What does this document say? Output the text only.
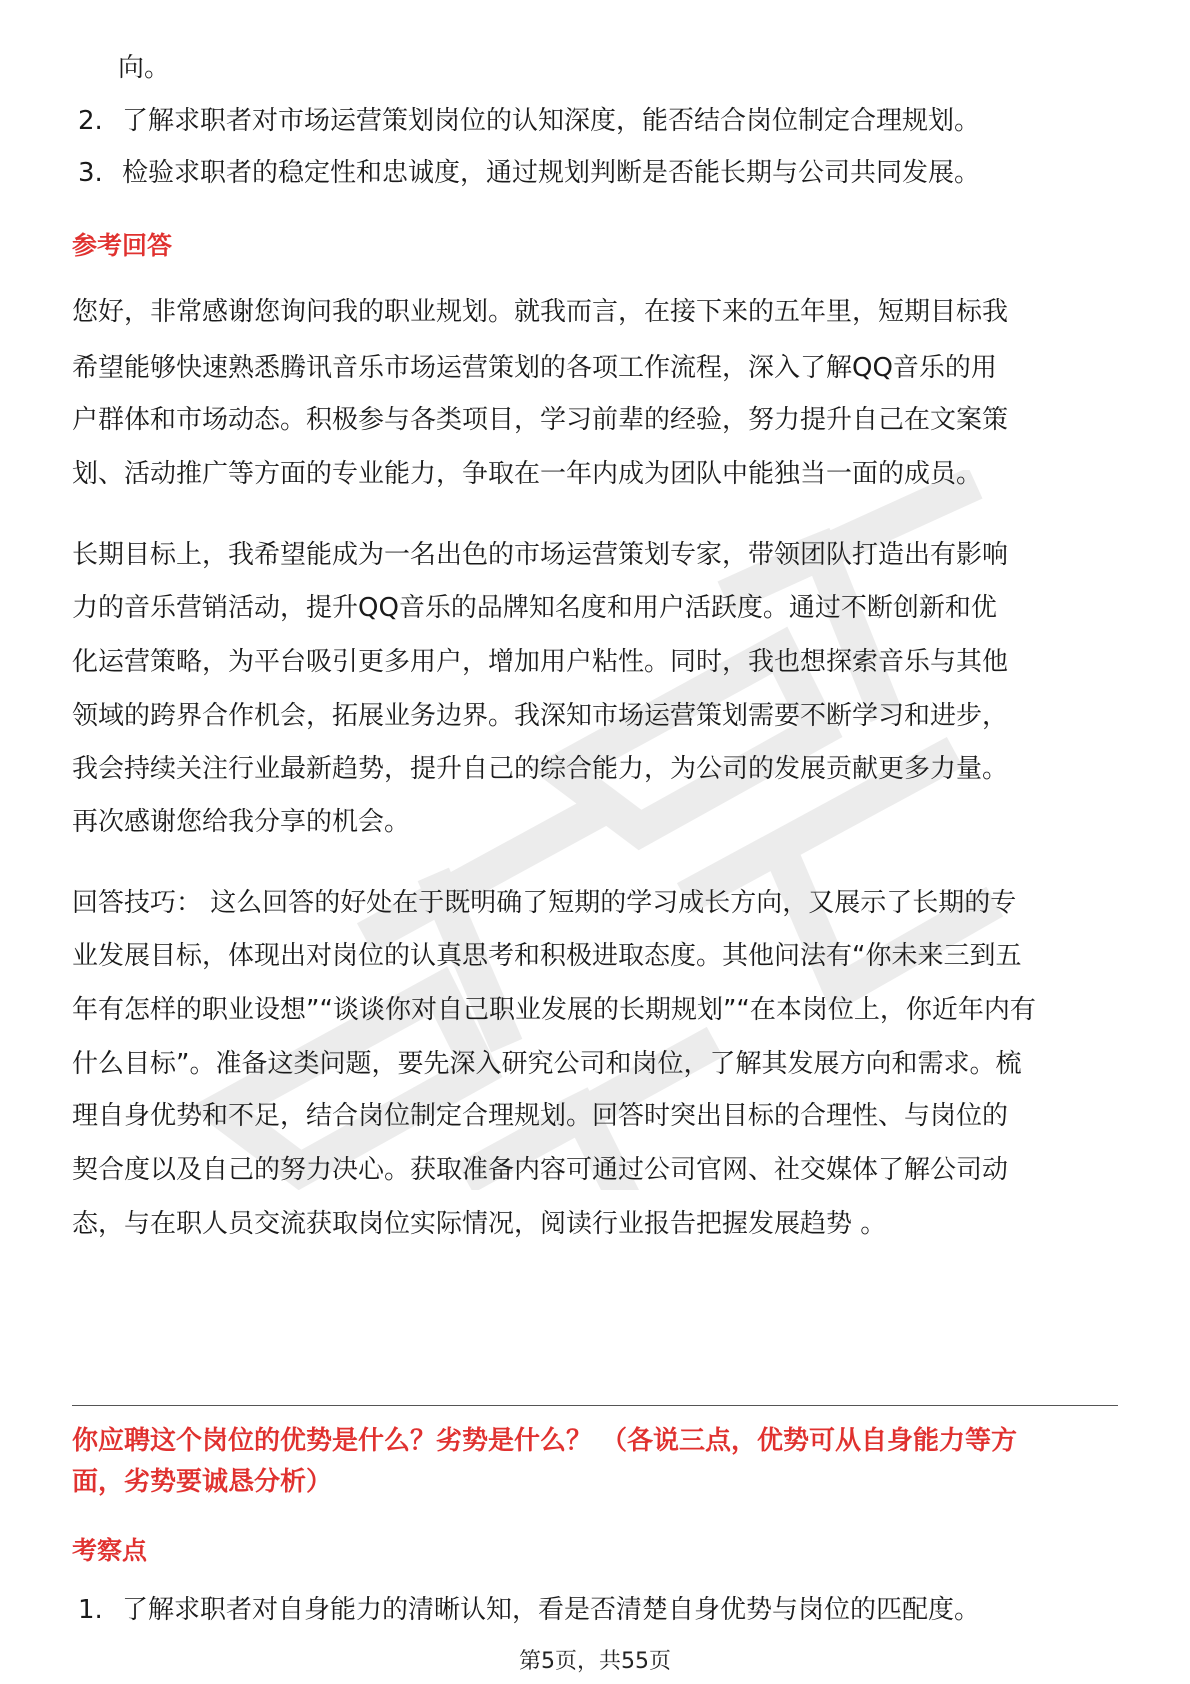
向。
2. 了解求职者对市场运营策划岗位的认知深度，能否结合岗位制定合理规划。
3. 检验求职者的稳定性和忠诚度，通过规划判断是否能长期与公司共同发展。
参考回答
您好，非常感谢您询问我的职业规划。就我而言，在接下来的五年里，短期目标我
希望能够快速熟悉腾讯音乐市场运营策划的各项工作流程，深入了解QQ音乐的用
户群体和市场动态。积极参与各类项目，学习前辈的经验，努力提升自己在文案策
划、活动推广等方面的专业能力，争取在一年内成为团队中能独当一面的成员。
长期目标上，我希望能成为一名出色的市场运营策划专家，带领团队打造出有影响
力的音乐营销活动，提升QQ音乐的品牌知名度和用户活跃度。通过不断创新和优
化运营策略，为平台吸引更多用户，增加用户粘性。同时，我也想探索音乐与其他
领域的跨界合作机会，拓展业务边界。我深知市场运营策划需要不断学习和进步，
我会持续关注行业最新趋势，提升自己的综合能力，为公司的发展贡献更多力量。
再次感谢您给我分享的机会。
回答技巧： 这么回答的好处在于既明确了短期的学习成长方向，又展示了长期的专
业发展目标，体现出对岗位的认真思考和积极进取态度。其他问法有“你未来三到五
年有怎样的职业设想”“谈谈你对自己职业发展的长期规划”“在本岗位上，你近年内有
什么目标”。准备这类问题，要先深入研究公司和岗位，了解其发展方向和需求。梳
理自身优势和不足，结合岗位制定合理规划。回答时突出目标的合理性、与岗位的
契合度以及自己的努力决心。获取准备内容可通过公司官网、社交媒体了解公司动
态，与在职人员交流获取岗位实际情况，阅读行业报告把握发展趋势 。
你应聘这个岗位的优势是什么？劣势是什么？ （各说三点，优势可从自身能力等方
面，劣势要诚恳分析）
考察点
1. 了解求职者对自身能力的清晰认知，看是否清楚自身优势与岗位的匹配度。
第5页，共55页
